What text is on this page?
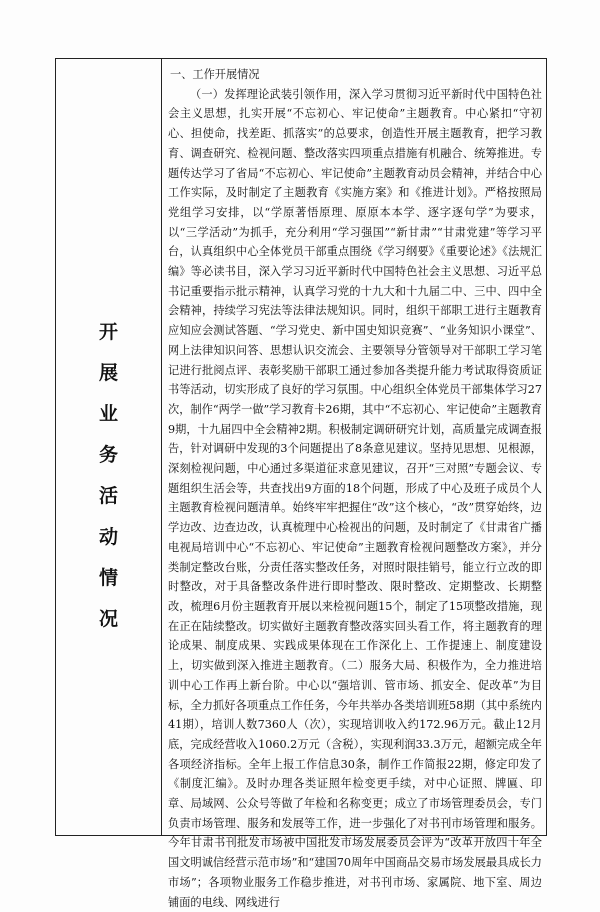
开
展
业
务
活
动
情
况

一、工作开展情况

（一）发挥理论武装引领作用，深入学习贯彻习近平新时代中国特色社会主义思想，扎实开展“不忘初心、牢记使命”主题教育。中心紧扣“守初心、担使命，找差距、抓落实”的总要求，创造性开展主题教育，把学习教育、调查研究、检视问题、整改落实四项重点措施有机融合、统筹推进。专题传达学习了省局“不忘初心、牢记使命”主题教育动员会精神，并结合中心工作实际，及时制定了主题教育《实施方案》和《推进计划》。严格按照局党组学习安排，以“学原著悟原理、原原本本学、逐字逐句学”为要求，以“三学活动”为抓手，充分利用“学习强国”“新甘肃”“甘肃党建”等学习平台，认真组织中心全体党员干部重点围绕《学习纲要》《重要论述》《法规汇编》等必读书目，深入学习习近平新时代中国特色社会主义思想、习近平总书记重要指示批示精神，认真学习党的十九大和十九届二中、三中、四中全会精神，持续学习宪法等法律法规知识。同时，组织干部职工进行主题教育应知应会测试答题、“学习党史、新中国史知识竞赛”、“业务知识小课堂”、网上法律知识问答、思想认识交流会、主要领导分管领导对干部职工学习笔记进行批阅点评、表彰奖励干部职工通过参加各类提升能力考试取得资质证书等活动，切实形成了良好的学习氛围。中心组织全体党员干部集体学习27次，制作“两学一做”学习教育卡26期，其中“不忘初心、牢记使命”主题教育9期，十九届四中全会精神2期。积极制定调研研究计划，高质量完成调查报告，针对调研中发现的3个问题提出了8条意见建议。坚持见思想、见根源，深刻检视问题，中心通过多渠道征求意见建议，召开“三对照”专题会议、专题组织生活会等，共查找出9方面的18个问题，形成了中心及班子成员个人主题教育检视问题清单。始终牢牢把握住“改”这个核心，“改”贯穿始终，边学边改、边查边改，认真梳理中心检视出的问题，及时制定了《甘肃省广播电视局培训中心“不忘初心、牢记使命”主题教育检视问题整改方案》，并分类制定整改台账，分责任落实整改任务，对照时限挂销号，能立行立改的即时整改，对于具备整改条件进行即时整改、限时整改、定期整改、长期整改，梳理6月份主题教育开展以来检视问题15个，制定了15项整改措施，现在正在陆续整改。切实做好主题教育整改落实回头看工作，将主题教育的理论成果、制度成果、实践成果体现在工作深化上、工作提速上、制度建设上，切实做到深入推进主题教育。（二）服务大局、积极作为，全力推进培训中心工作再上新台阶。中心以“强培训、管市场、抓安全、促改革”为目标，全力抓好各项重点工作任务，今年共举办各类培训班58期（其中系统内41期），培训人数7360人（次），实现培训收入约172.96万元。截止12月底，完成经营收入1060.2万元（含税），实现利润33.3万元，超额完成全年各项经济指标。全年上报工作信息30条，制作工作简报22期，修定印发了《制度汇编》。及时办理各类证照年检变更手续，对中心证照、牌匾、印章、局域网、公众号等做了年检和名称变更；成立了市场管理委员会，专门负责市场管理、服务和发展等工作，进一步强化了对书刊市场管理和服务。今年甘肃书刊批发市场被中国批发市场发展委员会评为“改革开放四十年全国文明诚信经营示范市场”和“建国70周年中国商品交易市场发展最具成长力市场”；各项物业服务工作稳步推进，对书刊市场、家属院、地下室、周边铺面的电线、网线进行
